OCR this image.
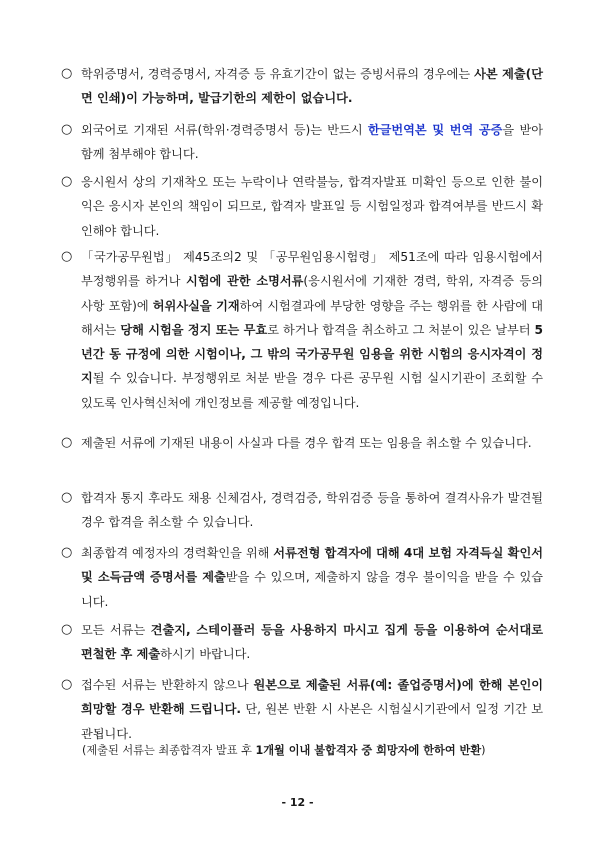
○ 학위증명서, 경력증명서, 자격증 등 유효기간이 없는 증빙서류의 경우에는 사본 제출(단면 인쇄)이 가능하며, 발급기한의 제한이 없습니다.
○ 외국어로 기재된 서류(학위·경력증명서 등)는 반드시 한글번역본 및 번역 공증을 받아 함께 첨부해야 합니다.
○ 응시원서 상의 기재착오 또는 누락이나 연락불능, 합격자발표 미확인 등으로 인한 불이익은 응시자 본인의 책임이 되므로, 합격자 발표일 등 시험일정과 합격여부를 반드시 확인해야 합니다.
○ 「국가공무원법」 제45조의2 및 「공무원임용시험령」 제51조에 따라 임용시험에서 부정행위를 하거나 시험에 관한 소명서류(응시원서에 기재한 경력, 학위, 자격증 등의 사항 포함)에 허위사실을 기재하여 시험결과에 부당한 영향을 주는 행위를 한 사람에 대해서는 당해 시험을 정지 또는 무효로 하거나 합격을 취소하고 그 처분이 있은 날부터 5년간 동 규정에 의한 시험이나, 그 밖의 국가공무원 임용을 위한 시험의 응시자격이 정지될 수 있습니다. 부정행위로 처분 받을 경우 다른 공무원 시험 실시기관이 조회할 수 있도록 인사혁신처에 개인정보를 제공할 예정입니다.
○ 제출된 서류에 기재된 내용이 사실과 다를 경우 합격 또는 임용을 취소할 수 있습니다.
○ 합격자 통지 후라도 채용 신체검사, 경력검증, 학위검증 등을 통하여 결격사유가 발견될 경우 합격을 취소할 수 있습니다.
○ 최종합격 예정자의 경력확인을 위해 서류전형 합격자에 대해 4대 보험 자격득실 확인서 및 소득금액 증명서를 제출받을 수 있으며, 제출하지 않을 경우 불이익을 받을 수 있습니다.
○ 모든 서류는 견출지, 스테이플러 등을 사용하지 마시고 집게 등을 이용하여 순서대로 편철한 후 제출하시기 바랍니다.
○ 접수된 서류는 반환하지 않으나 원본으로 제출된 서류(예: 졸업증명서)에 한해 본인이 희망할 경우 반환해 드립니다. 단, 원본 반환 시 사본은 시험실시기관에서 일정 기간 보관됩니다.
(제출된 서류는 최종합격자 발표 후 1개월 이내 불합격자 중 희망자에 한하여 반환)
- 12 -
